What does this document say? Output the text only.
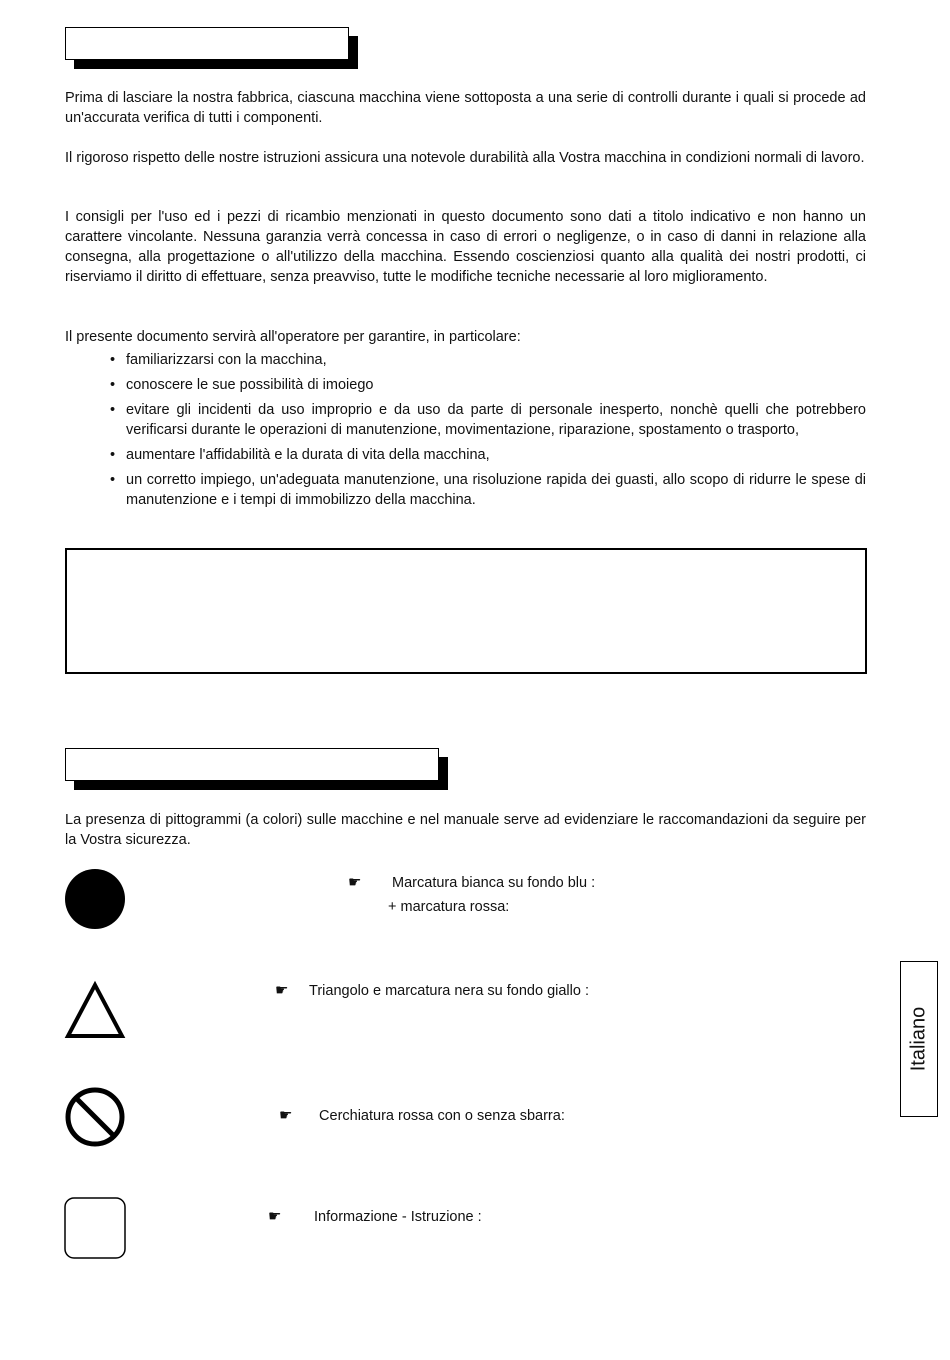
Prima di lasciare la nostra fabbrica, ciascuna macchina viene sottoposta a una serie di controlli durante i quali si procede ad un'accurata verifica di tutti i componenti.

Il rigoroso rispetto delle nostre istruzioni assicura una notevole durabilità alla Vostra macchina in condizioni normali di lavoro.

I consigli per l'uso ed i pezzi di ricambio menzionati in questo documento sono dati a titolo indicativo e non hanno un carattere vincolante. Nessuna garanzia verrà concessa in caso di errori o negligenze, o in caso di danni in relazione alla consegna, alla progettazione o all'utilizzo della macchina. Essendo coscienziosi quanto alla qualità dei nostri prodotti, ci riserviamo il diritto di effettuare, senza preavviso, tutte le modifiche tecniche necessarie al loro miglioramento.

Il presente documento servirà all'operatore per garantire, in particolare:

• familiarizzarsi con la macchina,
• conoscere le sue possibilità di imoiego
• evitare gli incidenti da uso improprio e da uso da parte di personale inesperto, nonchè quelli che potrebbero verificarsi durante le operazioni di manutenzione, movimentazione, riparazione, spostamento o trasporto,
• aumentare l'affidabilità e la durata di vita della macchina,
• un corretto impiego, un'adeguata manutenzione, una risoluzione rapida dei guasti, allo scopo di ridurre le spese di manutenzione e i tempi di immobilizzo della macchina.

La presenza di pittogrammi (a colori) sulle macchine e nel manuale serve ad evidenziare le raccomandazioni da seguire per la Vostra sicurezza.

☛ Marcatura bianca su fondo blu :
+ marcatura rossa:
☛ Triangolo e marcatura nera su fondo giallo :
☛ Cerchiatura rossa con o senza sbarra:
☛ Informazione - Istruzione :
Italiano
